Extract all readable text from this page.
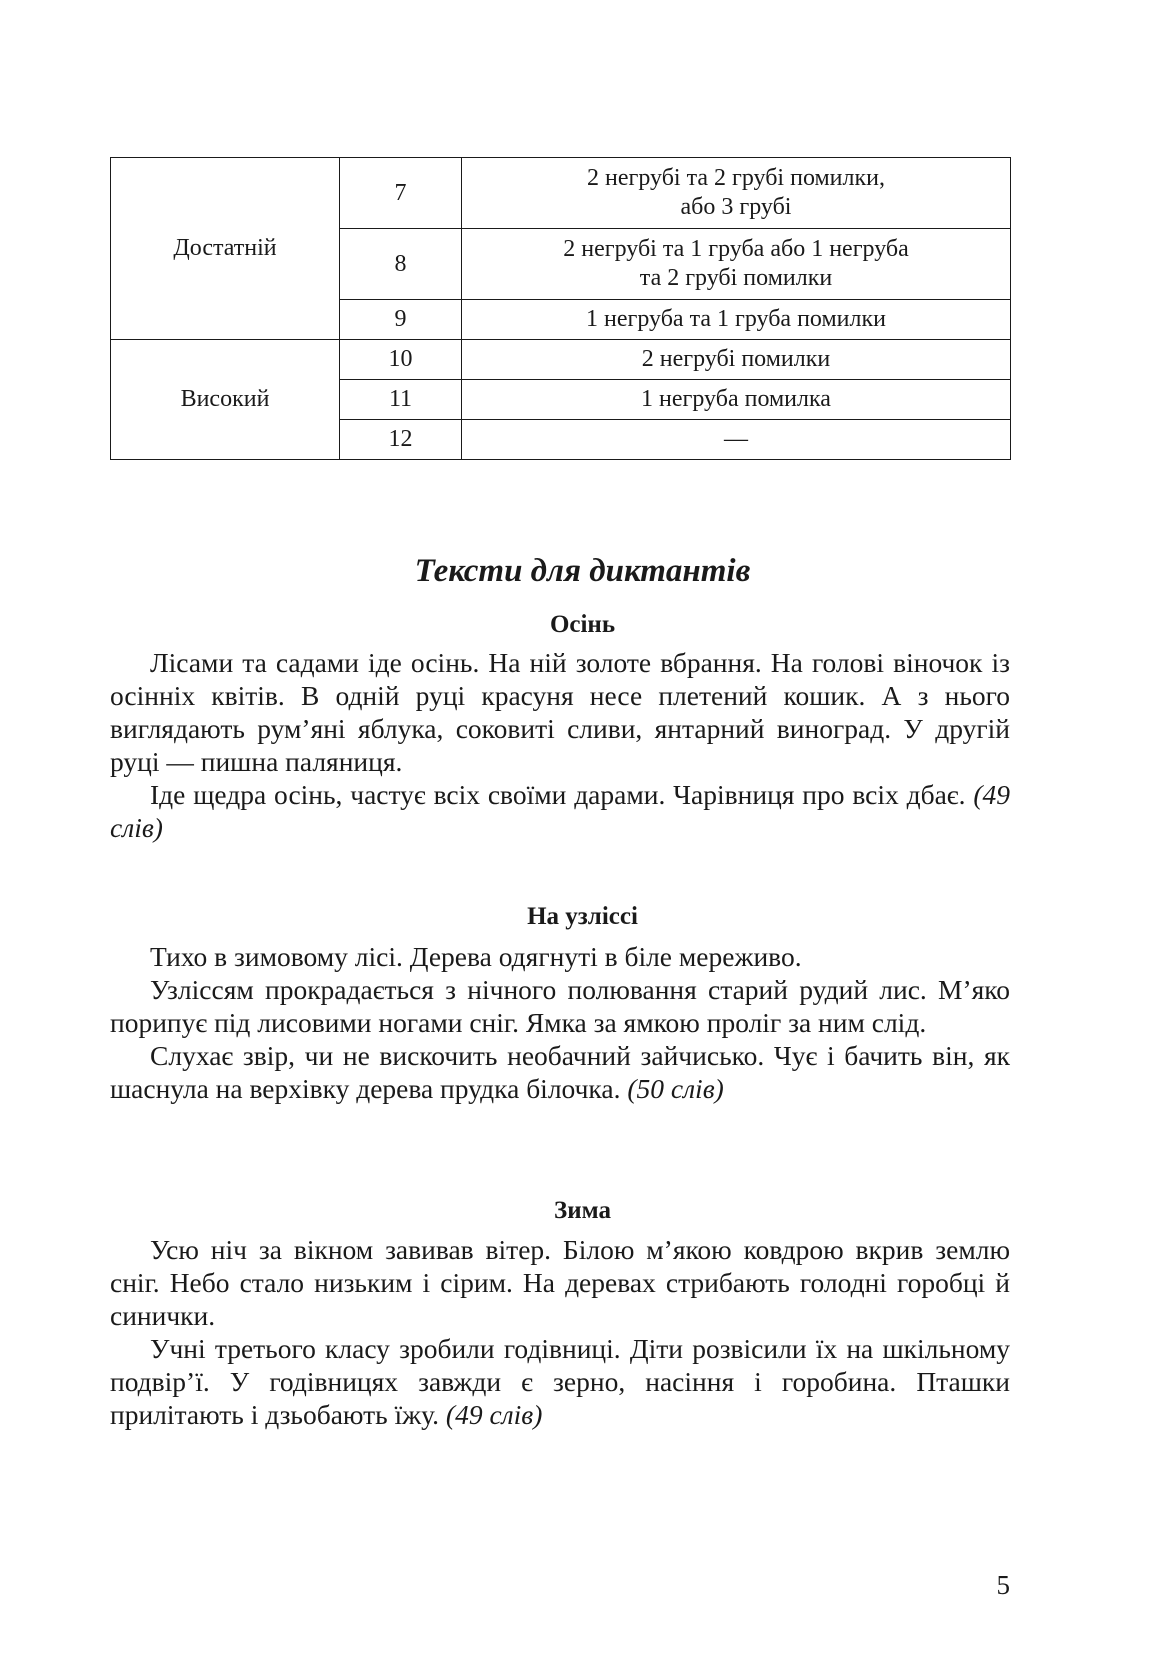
Достатній	7	2 негрубі та 2 грубі помилки,
або 3 грубі

	8	2 негрубі та 1 груба або 1 негруба
та 2 грубі помилки

	9	1 негруба та 1 груба помилки
Високий	10	2 негрубі помилки
	11	1 негруба помилка
	12	—
Тексти для диктантів
Осінь

Лісами та садами іде осінь. На ній золоте вбрання. На голові віночок із осінніх квітів. В одній руці красуня несе плетений кошик. А з нього виглядають рум’яні яблука, соковиті сливи, янтарний виноград. У другій руці — пишна паляниця.

Іде щедра осінь, частує всіх своїми дарами. Чарівниця про всіх дбає. (49 слів)

На узліссі

Тихо в зимовому лісі. Дерева одягнуті в біле мереживо.

Узліссям прокрадається з нічного полювання старий рудий лис. М’яко порипує під лисовими ногами сніг. Ямка за ямкою проліг за ним слід.

Слухає звір, чи не вискочить необачний зайчисько. Чує і бачить він, як шаснула на верхівку дерева прудка білочка. (50 слів)

Зима

Усю ніч за вікном завивав вітер. Білою м’якою ковдрою вкрив землю сніг. Небо стало низьким і сірим. На деревах стрибають голодні горобці й синички.

Учні третього класу зробили годівниці. Діти розвісили їх на шкільному подвір’ї. У годівницях завжди є зерно, насіння і горобина. Пташки прилітають і дзьобають їжу. (49 слів)

5
